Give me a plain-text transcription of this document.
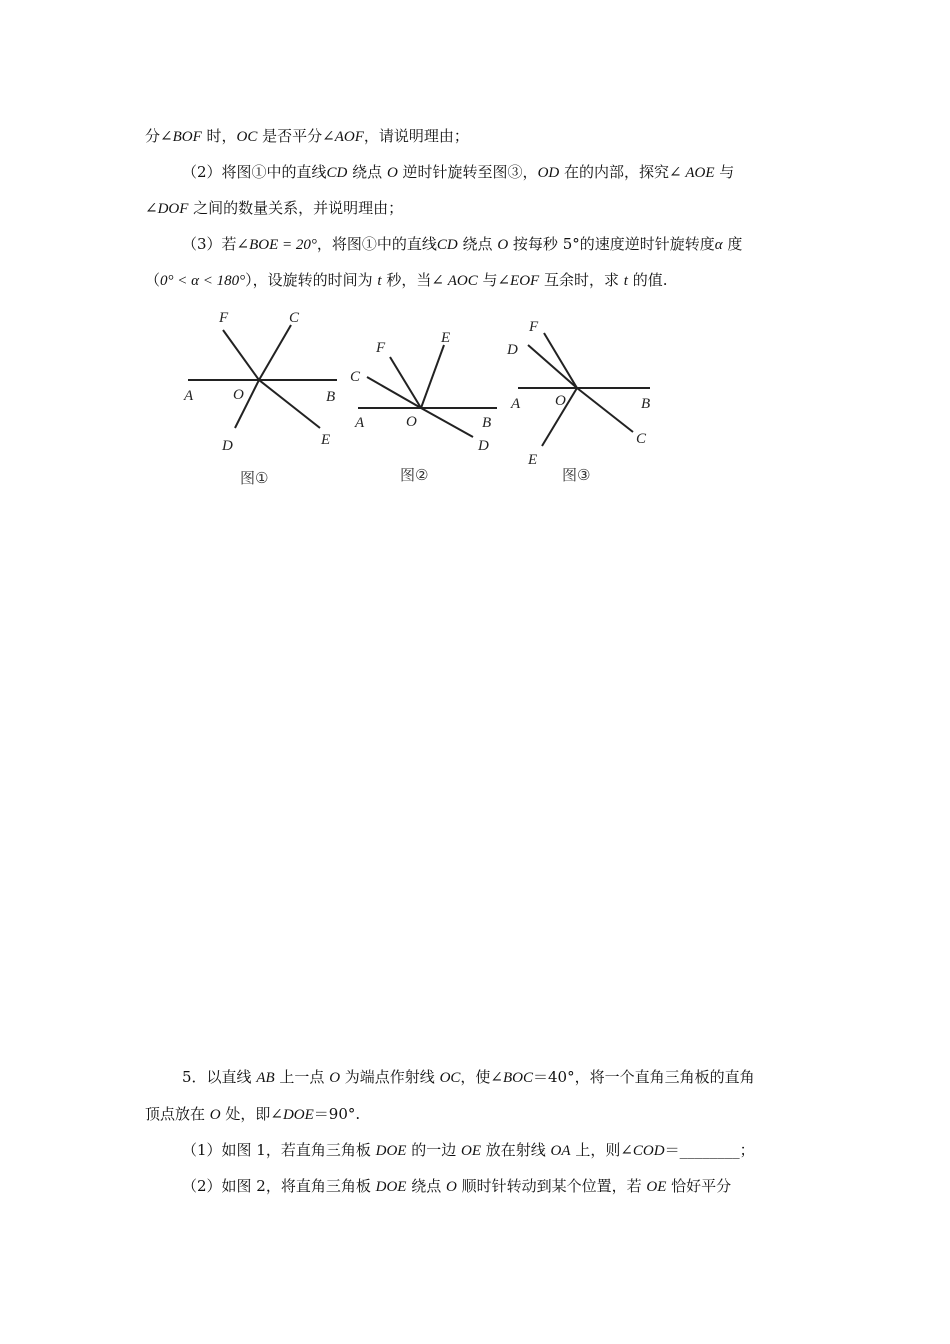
分∠BOF 时，OC 是否平分∠AOF，请说明理由；
（2）将图①中的直线CD 绕点 O 逆时针旋转至图③，OD 在的内部，探究∠ AOE 与
∠DOF 之间的数量关系，并说明理由；
（3）若∠BOE = 20°，将图①中的直线CD 绕点 O 按每秒 5°的速度逆时针旋转度α 度
（0° < α < 180°），设旋转的时间为 t 秒，当∠ AOC 与∠EOF 互余时，求 t 的值.
F	C
A	O	B
D	E
图①
F
E
C
A	O	B
D
图②
F
D
A O	B
C
E
图③
5．以直线 AB 上一点 O 为端点作射线 OC，使∠BOC＝40°，将一个直角三角板的直角
顶点放在 O 处，即∠DOE＝90°.
（1）如图 1，若直角三角板 DOE 的一边 OE 放在射线 OA 上，则∠COD＝________；
（2）如图 2，将直角三角板 DOE 绕点 O 顺时针转动到某个位置，若 OE 恰好平分
